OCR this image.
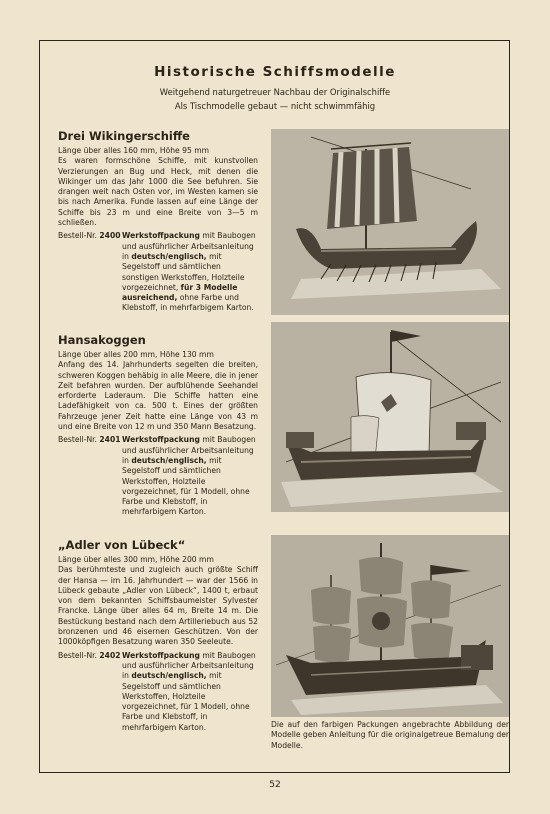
Historische Schiffsmodelle
Weitgehend naturgetreuer Nachbau der Originalschiffe
Als Tischmodelle gebaut — nicht schwimmfähig
Drei Wikingerschiffe

Länge über alles 160 mm, Höhe 95 mm

Es waren formschöne Schiffe, mit kunstvollen Verzierungen an Bug und Heck, mit denen die Wikinger um das Jahr 1000 die See befuhren. Sie drangen weit nach Osten vor, im Westen kamen sie bis nach Amerika. Funde lassen auf eine Länge der Schiffe bis 23 m und eine Breite von 3—5 m schließen.

Bestell-Nr. 2400 Werkstoffpackung mit Baubogen und ausführlicher Arbeitsanleitung in deutsch/englisch, mit Segelstoff und sämtlichen sonstigen Werkstoffen, Holzteile vorgezeichnet, für 3 Modelle ausreichend, ohne Farbe und Klebstoff, in mehrfarbigem Karton.
Hansakoggen

Länge über alles 200 mm, Höhe 130 mm

Anfang des 14. Jahrhunderts segelten die breiten, schweren Koggen behäbig in alle Meere, die in jener Zeit befahren wurden. Der aufblühende Seehandel erforderte Laderaum. Die Schiffe hatten eine Ladefähigkeit von ca. 500 t. Eines der größten Fahrzeuge jener Zeit hatte eine Länge von 43 m und eine Breite von 12 m und 350 Mann Besatzung.

Bestell-Nr. 2401 Werkstoffpackung mit Baubogen und ausführlicher Arbeitsanleitung in deutsch/englisch, mit Segelstoff und sämtlichen Werkstoffen, Holzteile vorgezeichnet, für 1 Modell, ohne Farbe und Klebstoff, in mehrfarbigem Karton.
„Adler von Lübeck“

Länge über alles 300 mm, Höhe 200 mm

Das berühmteste und zugleich auch größte Schiff der Hansa — im 16. Jahrhundert — war der 1566 in Lübeck gebaute „Adler von Lübeck“, 1400 t, erbaut von dem bekannten Schiffsbaumeister Sylvester Francke. Länge über alles 64 m, Breite 14 m. Die Bestückung bestand nach dem Artilleriebuch aus 52 bronzenen und 46 eisernen Geschützen. Von der 1000köpfigen Besatzung waren 350 Seeleute.

Bestell-Nr. 2402 Werkstoffpackung mit Baubogen und ausführlicher Arbeitsanleitung in deutsch/englisch, mit Segelstoff und sämtlichen Werkstoffen, Holzteile vorgezeichnet, für 1 Modell, ohne Farbe und Klebstoff, in mehrfarbigem Karton.	Die auf den farbigen Packungen angebrachte Abbildung der Modelle geben Anleitung für die originalgetreue Bemalung der Modelle.
52
